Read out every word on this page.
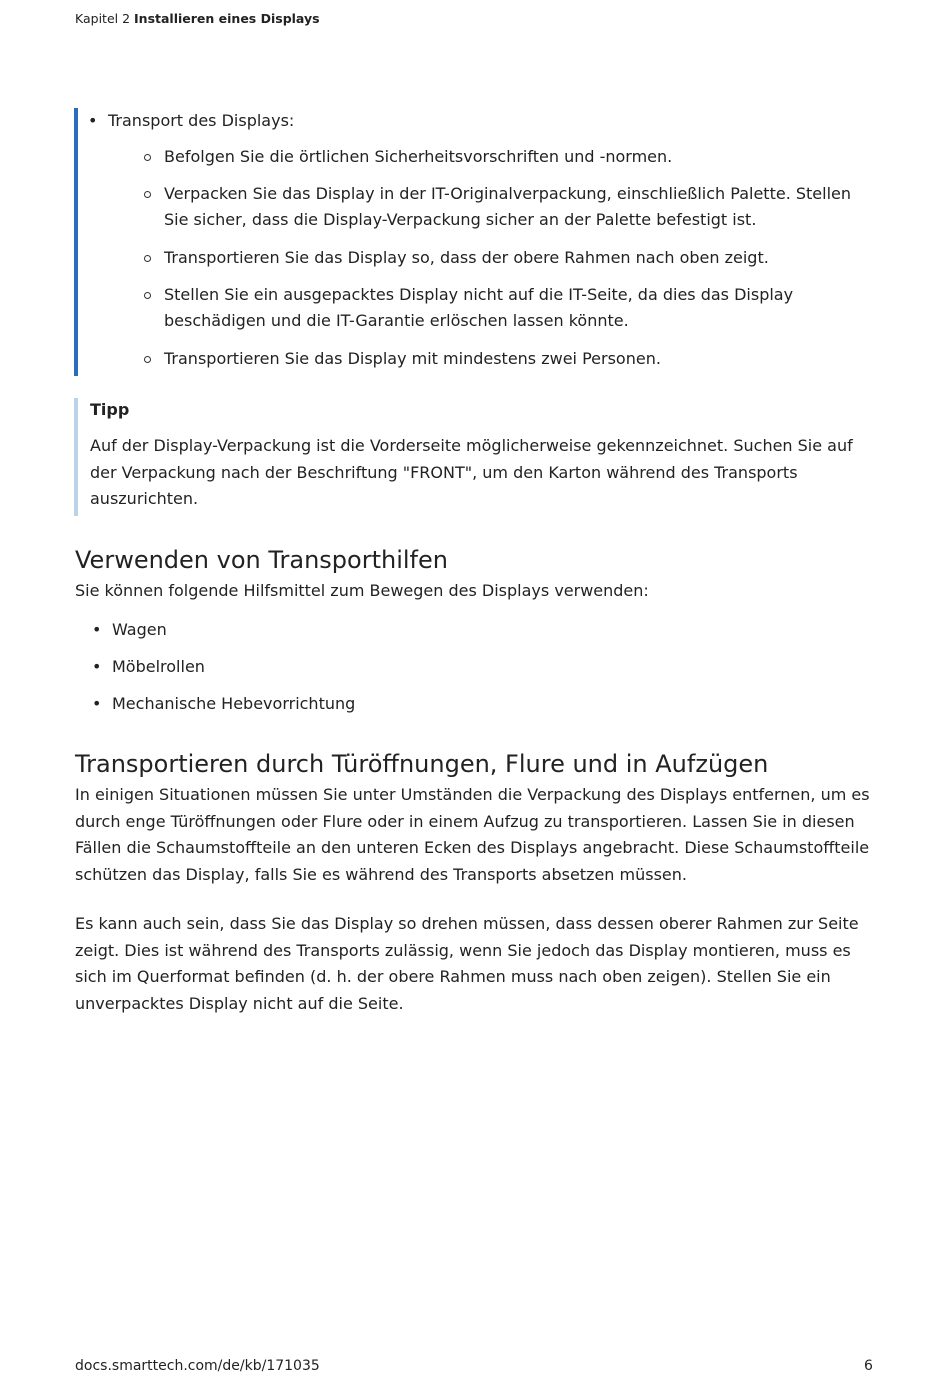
Kapitel 2 Installieren eines Displays
• Transport des Displays:
Befolgen Sie die örtlichen Sicherheitsvorschriften und -normen.
Verpacken Sie das Display in der IT-Originalverpackung, einschließlich Palette. Stellen Sie sicher, dass die Display-Verpackung sicher an der Palette befestigt ist.
Transportieren Sie das Display so, dass der obere Rahmen nach oben zeigt.
Stellen Sie ein ausgepacktes Display nicht auf die IT-Seite, da dies das Display beschädigen und die IT-Garantie erlöschen lassen könnte.
Transportieren Sie das Display mit mindestens zwei Personen.
Tipp
Auf der Display-Verpackung ist die Vorderseite möglicherweise gekennzeichnet. Suchen Sie auf der Verpackung nach der Beschriftung "FRONT", um den Karton während des Transports auszurichten.
Verwenden von Transporthilfen
Sie können folgende Hilfsmittel zum Bewegen des Displays verwenden:
• Wagen
• Möbelrollen
• Mechanische Hebevorrichtung
Transportieren durch Türöffnungen, Flure und in Aufzügen
In einigen Situationen müssen Sie unter Umständen die Verpackung des Displays entfernen, um es durch enge Türöffnungen oder Flure oder in einem Aufzug zu transportieren. Lassen Sie in diesen Fällen die Schaumstoffteile an den unteren Ecken des Displays angebracht. Diese Schaumstoffteile schützen das Display, falls Sie es während des Transports absetzen müssen.
Es kann auch sein, dass Sie das Display so drehen müssen, dass dessen oberer Rahmen zur Seite zeigt. Dies ist während des Transports zulässig, wenn Sie jedoch das Display montieren, muss es sich im Querformat befinden (d. h. der obere Rahmen muss nach oben zeigen). Stellen Sie ein unverpacktes Display nicht auf die Seite.
docs.smarttech.com/de/kb/171035	6
